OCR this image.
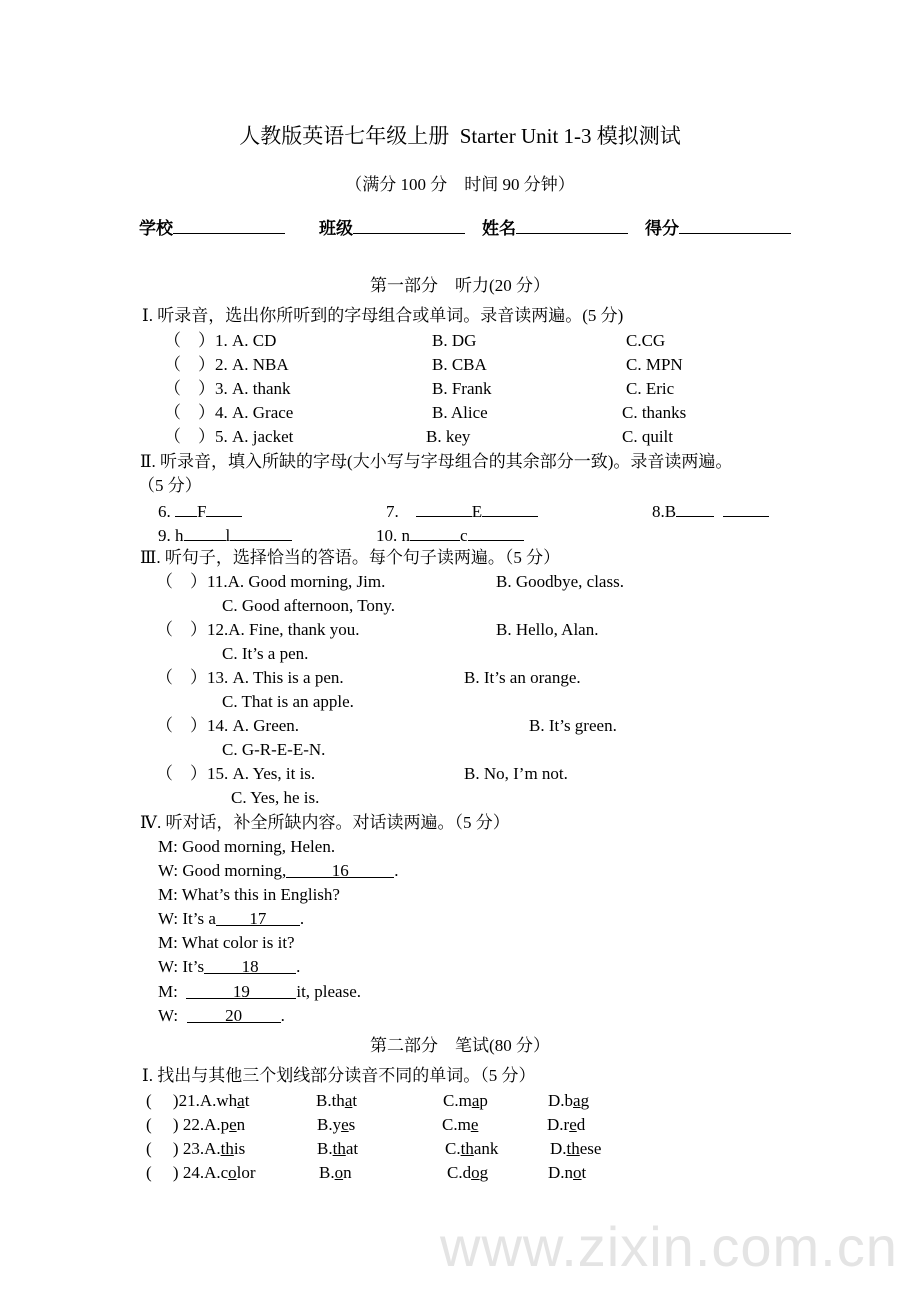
www.zixin.com.cn
人教版英语七年级上册  Starter Unit 1-3 模拟测试
（满分 100 分　时间 90 分钟）
学校　　	班级　	姓名　	得分
第一部分　听力(20 分）
Ⅰ. 听录音，选出你所听到的字母组合或单词。录音读两遍。(5 分)
（　）1. A. CD	B. DG	C.CG
（　）2. A. NBA	B. CBA	C. MPN
（　）3. A. thank	B. Frank	C. Eric
（　）4. A. Grace	B. Alice	C. thanks
（　）5. A. jacket	B. key	C. quilt
Ⅱ. 听录音，填入所缺的字母(大小写与字母组合的其余部分一致)。录音读两遍。
（5 分）
6. F	7.	E	8.B
9. h l	10. n	c
Ⅲ. 听句子，选择恰当的答语。每个句子读两遍。（5 分）
（　）11.A. Good morning, Jim.	B. Goodbye, class.
C. Good afternoon, Tony.
（　）12.A. Fine, thank you.	B. Hello, Alan.
C. It’s a pen.
（　）13. A. This is a pen.	B. It’s an orange.
C. That is an apple.
（　）14. A. Green.	B. It’s green.
C. G-R-E-E-N.
（　）15. A. Yes, it is.	B. No, I’m not.
C. Yes, he is.
Ⅳ. 听对话，补全所缺内容。对话读两遍。（5 分）
M: Good morning, Helen.
W: Good morning,	16	.
M: What’s this in English?
W: It’s a 17 .
M: What color is it?
W: It’s 18 .
M:	19	it, please.
W:	20 .
第二部分　笔试(80 分）
Ⅰ. 找出与其他三个划线部分读音不同的单词。（5 分）
(　 )21.A.what	B.that	C.map	D.bag
(　 ) 22.A.pen	B.yes	C.me	D.red
(　 ) 23.A.this	B.that	C.thank	D.these
(　 ) 24.A.color	B.on	C.dog	D.not
